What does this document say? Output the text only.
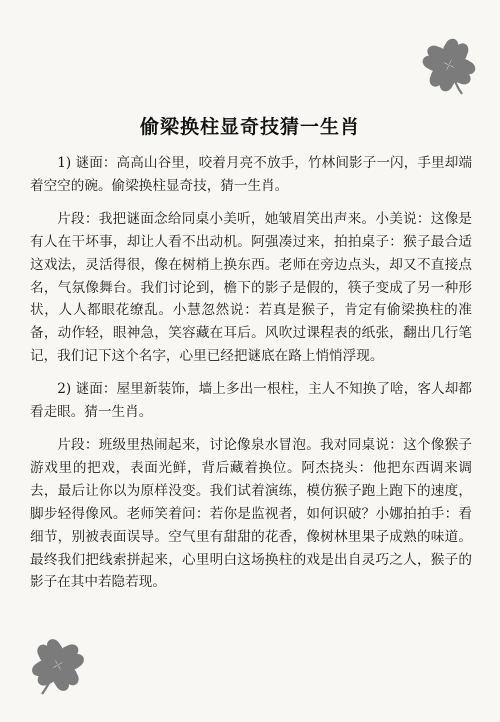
偷梁换柱显奇技猜一生肖

1) 谜面：高高山谷里，咬着月亮不放手，竹林间影子一闪，手里却端着空空的碗。偷梁换柱显奇技，猜一生肖。

片段：我把谜面念给同桌小美听，她皱眉笑出声来。小美说：这像是有人在干坏事，却让人看不出动机。阿强凑过来，拍拍桌子：猴子最合适这戏法，灵活得很，像在树梢上换东西。老师在旁边点头，却又不直接点名，气氛像舞台。我们讨论到，檐下的影子是假的，筷子变成了另一种形状，人人都眼花缭乱。小慧忽然说：若真是猴子，肯定有偷梁换柱的准备，动作轻，眼神急，笑容藏在耳后。风吹过课程表的纸张，翻出几行笔记，我们记下这个名字，心里已经把谜底在路上悄悄浮现。

2) 谜面：屋里新装饰，墙上多出一根柱，主人不知换了啥，客人却都看走眼。猜一生肖。

片段：班级里热闹起来，讨论像泉水冒泡。我对同桌说：这个像猴子游戏里的把戏，表面光鲜，背后藏着换位。阿杰挠头：他把东西调来调去，最后让你以为原样没变。我们试着演练，模仿猴子跑上跑下的速度，脚步轻得像风。老师笑着问：若你是监视者，如何识破？小娜拍拍手：看细节，别被表面误导。空气里有甜甜的花香，像树林里果子成熟的味道。最终我们把线索拼起来，心里明白这场换柱的戏是出自灵巧之人，猴子的影子在其中若隐若现。
